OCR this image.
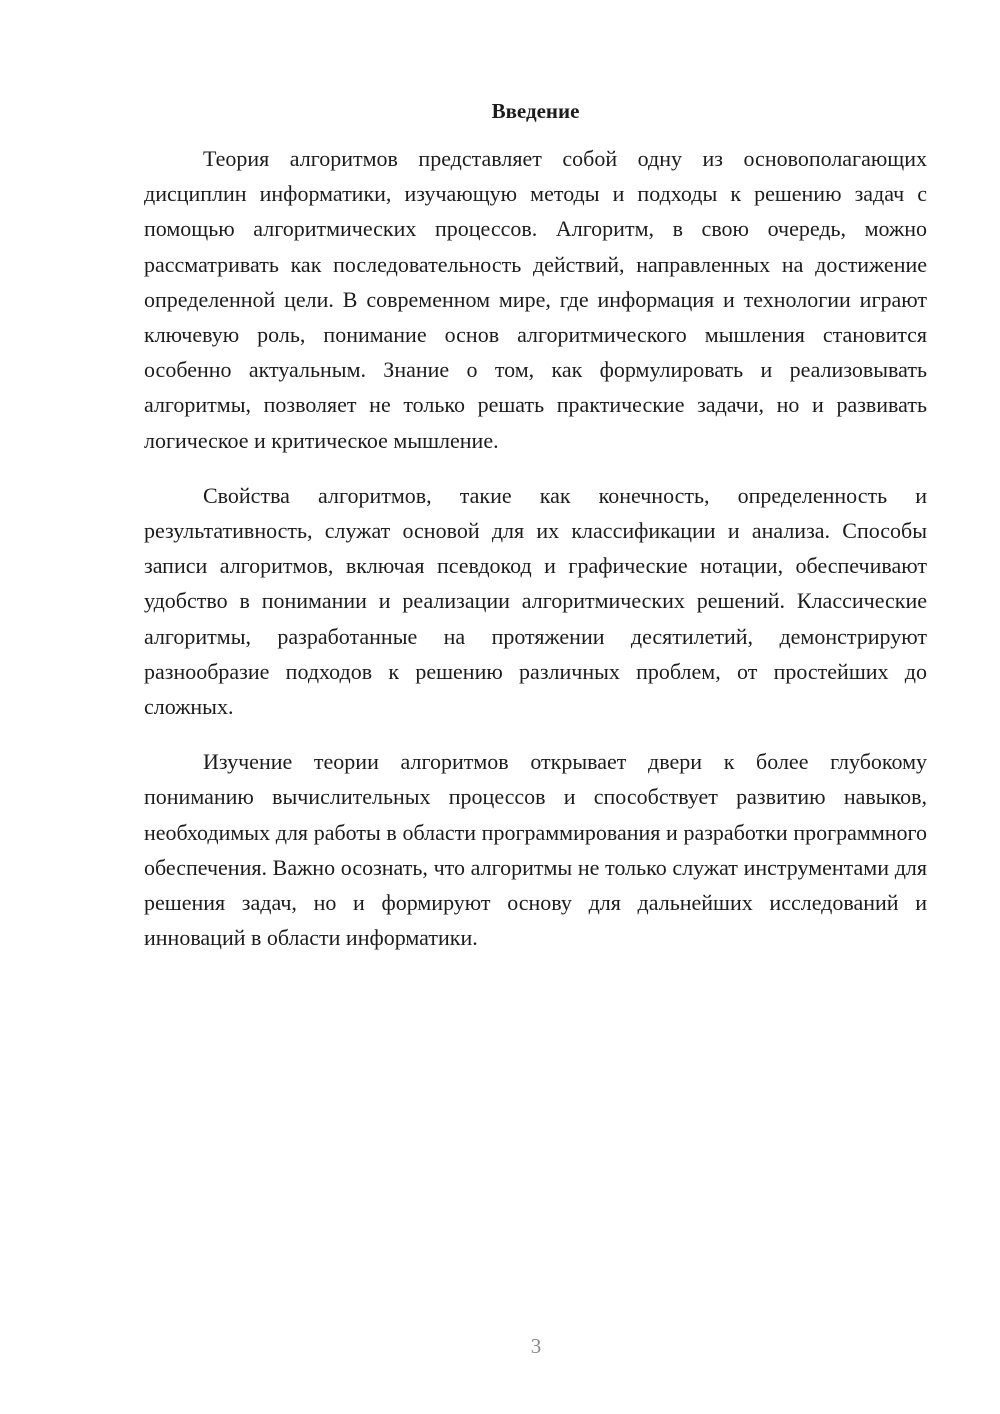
Введение

Теория алгоритмов представляет собой одну из основополагающих дисциплин информатики, изучающую методы и подходы к решению задач с помощью алгоритмических процессов. Алгоритм, в свою очередь, можно рассматривать как последовательность действий, направленных на достижение определенной цели. В современном мире, где информация и технологии играют ключевую роль, понимание основ алгоритмического мышления становится особенно актуальным. Знание о том, как формулировать и реализовывать алгоритмы, позволяет не только решать практические задачи, но и развивать логическое и критическое мышление.

Свойства алгоритмов, такие как конечность, определенность и результативность, служат основой для их классификации и анализа. Способы записи алгоритмов, включая псевдокод и графические нотации, обеспечивают удобство в понимании и реализации алгоритмических решений. Классические алгоритмы, разработанные на протяжении десятилетий, демонстрируют разнообразие подходов к решению различных проблем, от простейших до сложных.

Изучение теории алгоритмов открывает двери к более глубокому пониманию вычислительных процессов и способствует развитию навыков, необходимых для работы в области программирования и разработки программного обеспечения. Важно осознать, что алгоритмы не только служат инструментами для решения задач, но и формируют основу для дальнейших исследований и инноваций в области информатики.

3
